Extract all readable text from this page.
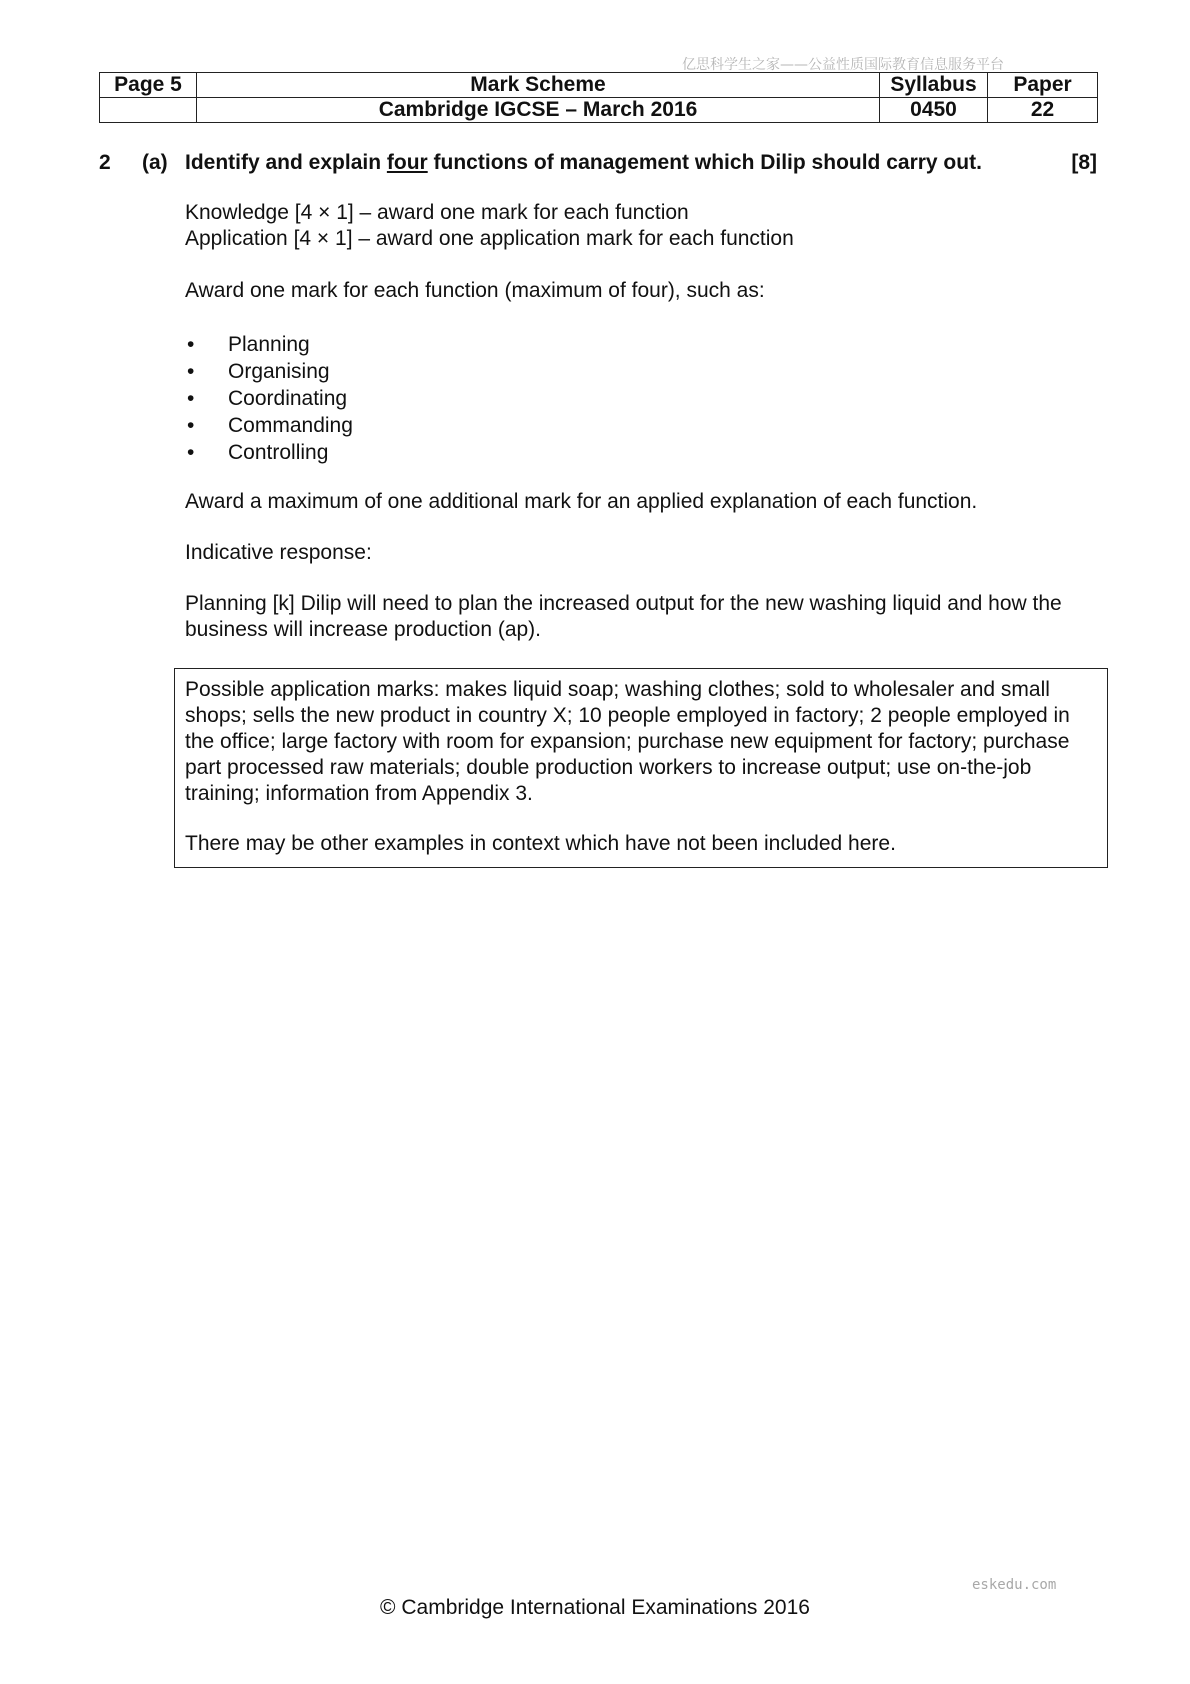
亿思科学生之家——公益性质国际教育信息服务平台
Page 5	Mark Scheme	Syllabus	Paper
	Cambridge IGCSE – March 2016	0450	22
2 (a) Identify and explain four functions of management which Dilip should carry out.	[8]
Knowledge [4 × 1] – award one mark for each function
Application [4 × 1] – award one application mark for each function
Award one mark for each function (maximum of four), such as:
• Planning
• Organising
• Coordinating
• Commanding
• Controlling
Award a maximum of one additional mark for an applied explanation of each function.
Indicative response:
Planning [k] Dilip will need to plan the increased output for the new washing liquid and how the business will increase production (ap).

Possible application marks: makes liquid soap; washing clothes; sold to wholesaler and small shops; sells the new product in country X; 10 people employed in factory; 2 people employed in the office; large factory with room for expansion; purchase new equipment for factory; purchase part processed raw materials; double production workers to increase output; use on-the-job training; information from Appendix 3.

There may be other examples in context which have not been included here.

eskedu.com
© Cambridge International Examinations 2016
